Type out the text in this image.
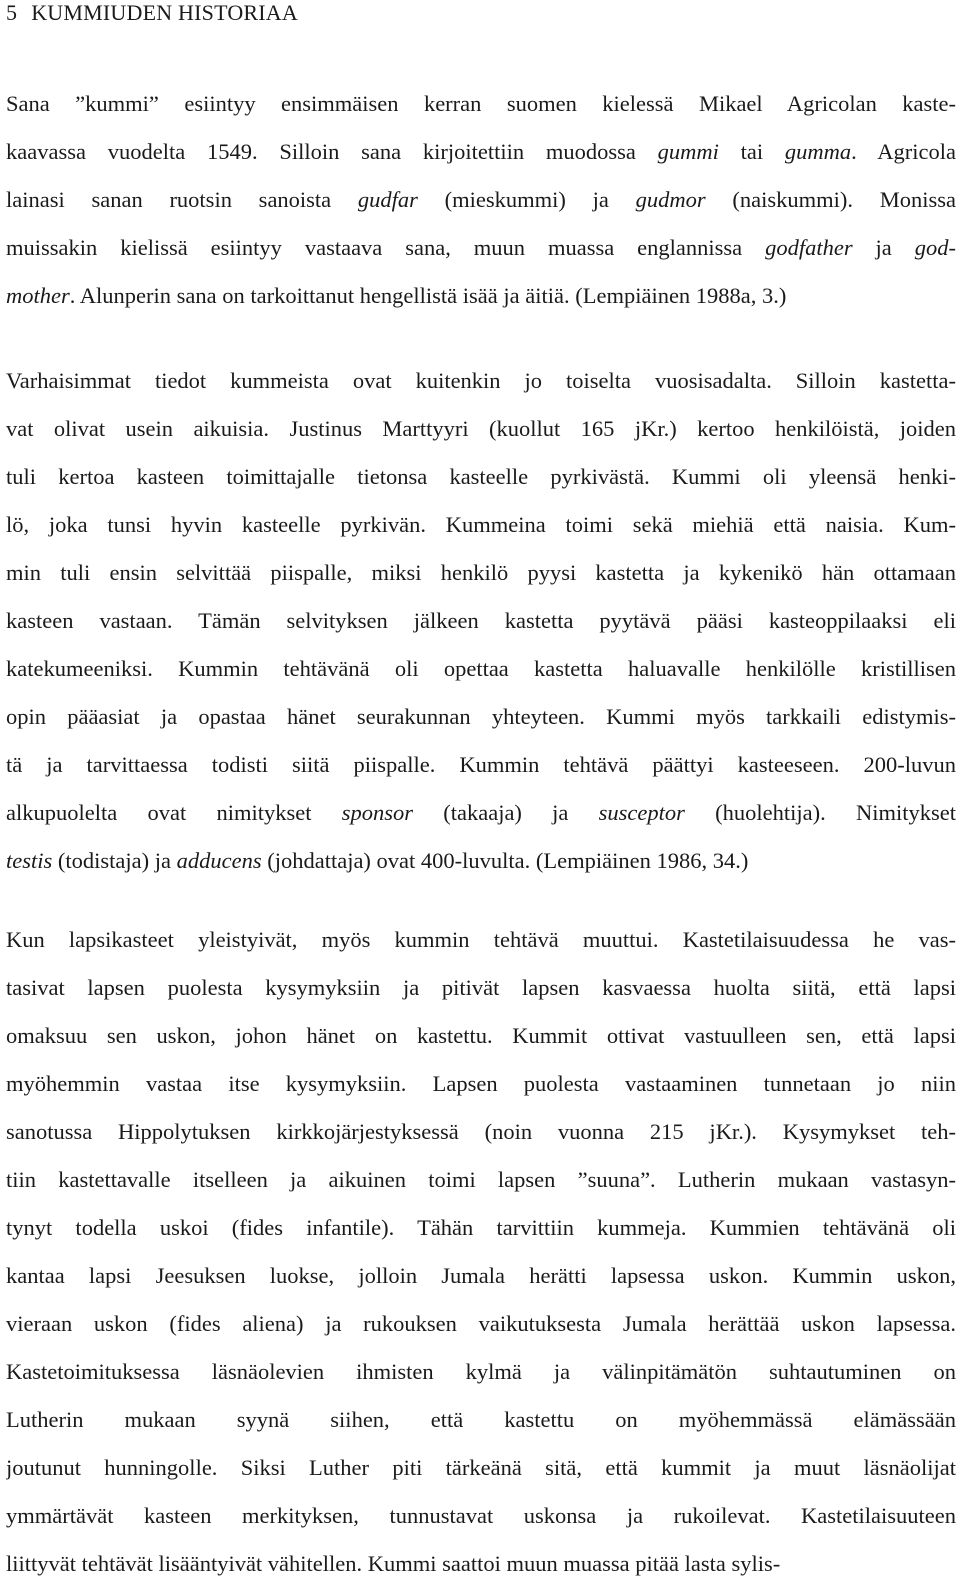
5 KUMMIUDEN HISTORIAA
Sana ”kummi” esiintyy ensimmäisen kerran suomen kielessä Mikael Agricolan kaste-
kaavassa vuodelta 1549. Silloin sana kirjoitettiin muodossa gummi tai gumma. Agricola
lainasi sanan ruotsin sanoista gudfar (mieskummi) ja gudmor (naiskummi). Monissa
muissakin kielissä esiintyy vastaava sana, muun muassa englannissa godfather ja god-
mother. Alunperin sana on tarkoittanut hengellistä isää ja äitiä. (Lempiäinen 1988a, 3.)
Varhaisimmat tiedot kummeista ovat kuitenkin jo toiselta vuosisadalta. Silloin kastetta-
vat olivat usein aikuisia. Justinus Marttyyri (kuollut 165 jKr.) kertoo henkilöistä, joiden
tuli kertoa kasteen toimittajalle tietonsa kasteelle pyrkivästä. Kummi oli yleensä henki-
lö, joka tunsi hyvin kasteelle pyrkivän. Kummeina toimi sekä miehiä että naisia. Kum-
min tuli ensin selvittää piispalle, miksi henkilö pyysi kastetta ja kykenikö hän ottamaan
kasteen vastaan. Tämän selvityksen jälkeen kastetta pyytävä pääsi kasteoppilaaksi eli
katekumeeniksi. Kummin tehtävänä oli opettaa kastetta haluavalle henkilölle kristillisen
opin pääasiat ja opastaa hänet seurakunnan yhteyteen. Kummi myös tarkkaili edistymis-
tä ja tarvittaessa todisti siitä piispalle. Kummin tehtävä päättyi kasteeseen. 200-luvun
alkupuolelta ovat nimitykset sponsor (takaaja) ja susceptor (huolehtija). Nimitykset
testis (todistaja) ja adducens (johdattaja) ovat 400-luvulta. (Lempiäinen 1986, 34.)
Kun lapsikasteet yleistyivät, myös kummin tehtävä muuttui. Kastetilaisuudessa he vas-
tasivat lapsen puolesta kysymyksiin ja pitivät lapsen kasvaessa huolta siitä, että lapsi
omaksuu sen uskon, johon hänet on kastettu. Kummit ottivat vastuulleen sen, että lapsi
myöhemmin vastaa itse kysymyksiin. Lapsen puolesta vastaaminen tunnetaan jo niin
sanotussa Hippolytuksen kirkkojärjestyksessä (noin vuonna 215 jKr.). Kysymykset teh-
tiin kastettavalle itselleen ja aikuinen toimi lapsen ”suuna”. Lutherin mukaan vastasyn-
tynyt todella uskoi (fides infantile). Tähän tarvittiin kummeja. Kummien tehtävänä oli
kantaa lapsi Jeesuksen luokse, jolloin Jumala herätti lapsessa uskon. Kummin uskon,
vieraan uskon (fides aliena) ja rukouksen vaikutuksesta Jumala herättää uskon lapsessa.
Kastetoimituksessa läsnäolevien ihmisten kylmä ja välinpitämätön suhtautuminen on
Lutherin mukaan syynä siihen, että kastettu on myöhemmässä elämässään
joutunut hunningolle. Siksi Luther piti tärkeänä sitä, että kummit ja muut läsnäolijat
ymmärtävät kasteen merkityksen, tunnustavat uskonsa ja rukoilevat. Kastetilaisuuteen
liittyvät tehtävät lisääntyivät vähitellen. Kummi saattoi muun muassa pitää lasta sylis-
